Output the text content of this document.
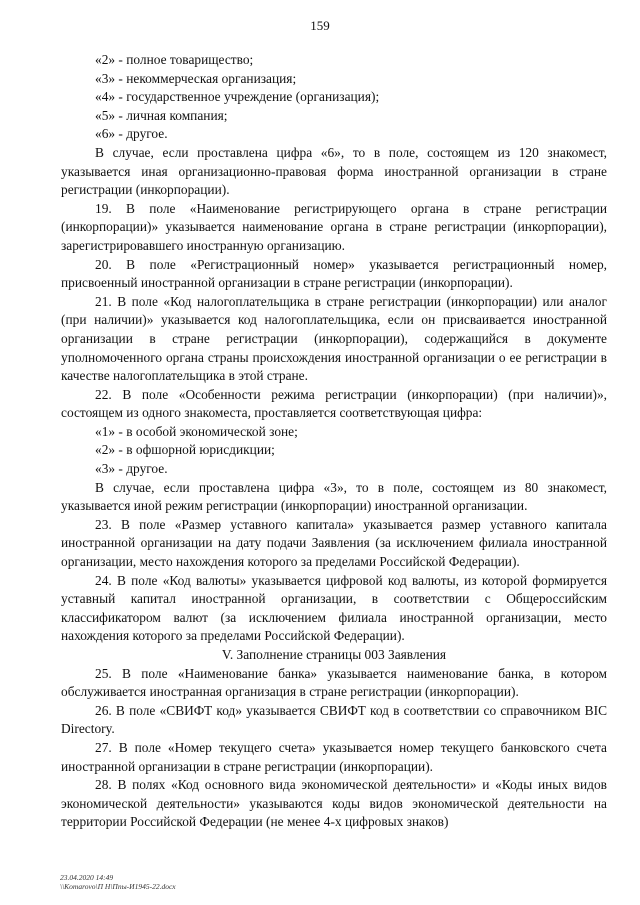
159

«2» - полное товарищество;

«3» - некоммерческая организация;

«4» - государственное учреждение (организация);

«5» - личная компания;

«6» - другое.

В случае, если проставлена цифра «6», то в поле, состоящем из 120 знакомест, указывается иная организационно-правовая форма иностранной организации в стране регистрации (инкорпорации).

19. В поле «Наименование регистрирующего органа в стране регистрации (инкорпорации)» указывается наименование органа в стране регистрации (инкорпорации), зарегистрировавшего иностранную организацию.

20. В поле «Регистрационный номер» указывается регистрационный номер, присвоенный иностранной организации в стране регистрации (инкорпорации).

21. В поле «Код налогоплательщика в стране регистрации (инкорпорации) или аналог (при наличии)» указывается код налогоплательщика, если он присваивается иностранной организации в стране регистрации (инкорпорации), содержащийся в документе уполномоченного органа страны происхождения иностранной организации о ее регистрации в качестве налогоплательщика в этой стране.

22. В поле «Особенности режима регистрации (инкорпорации) (при наличии)», состоящем из одного знакоместа, проставляется соответствующая цифра:

«1» - в особой экономической зоне;

«2» - в офшорной юрисдикции;

«3» - другое.

В случае, если проставлена цифра «3», то в поле, состоящем из 80 знакомест, указывается иной режим регистрации (инкорпорации) иностранной организации.

23. В поле «Размер уставного капитала» указывается размер уставного капитала иностранной организации на дату подачи Заявления (за исключением филиала иностранной организации, место нахождения которого за пределами Российской Федерации).

24. В поле «Код валюты» указывается цифровой код валюты, из которой формируется уставный капитал иностранной организации, в соответствии с Общероссийским классификатором валют (за исключением филиала иностранной организации, место нахождения которого за пределами Российской Федерации).

V. Заполнение страницы 003 Заявления

25. В поле «Наименование банка» указывается наименование банка, в котором обслуживается иностранная организация в стране регистрации (инкорпорации).

26. В поле «СВИФТ код» указывается СВИФТ код в соответствии со справочником BIC Directory.

27. В поле «Номер текущего счета» указывается номер текущего банковского счета иностранной организации в стране регистрации (инкорпорации).

28. В полях «Код основного вида экономической деятельности» и «Коды иных видов экономической деятельности» указываются коды видов экономической деятельности на территории Российской Федерации (не менее 4-х цифровых знаков)

23.04.2020 14:49
\\Komarovo\П Н\Ппы-И1945-22.docx
